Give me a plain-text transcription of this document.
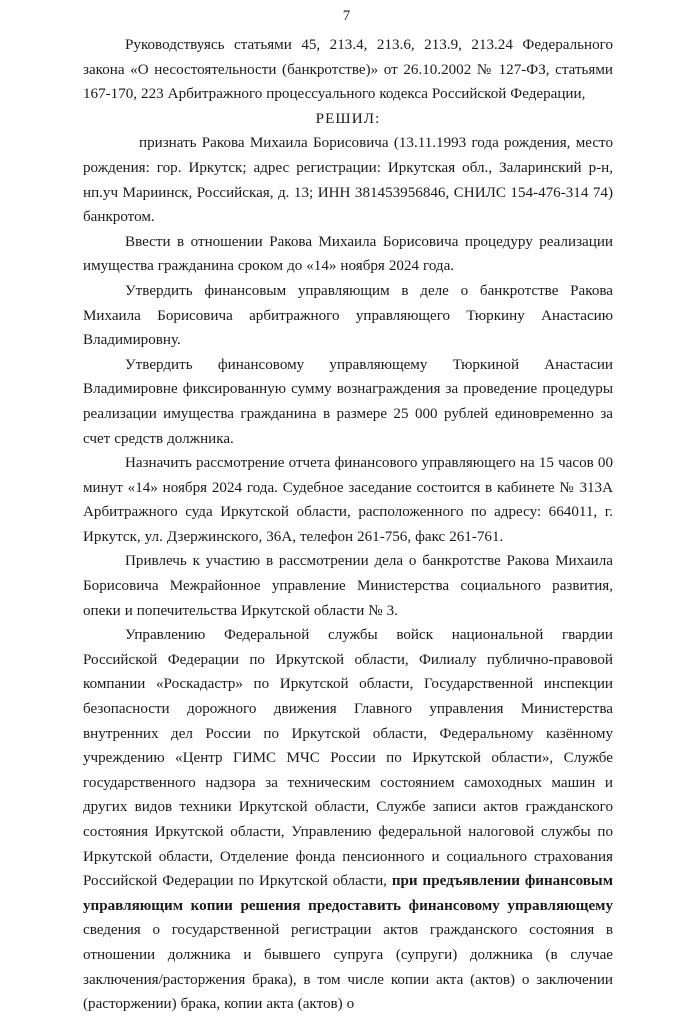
7

Руководствуясь статьями 45, 213.4, 213.6, 213.9, 213.24 Федерального закона «О несостоятельности (банкротстве)» от 26.10.2002 № 127-ФЗ, статьями 167-170, 223 Арбитражного процессуального кодекса Российской Федерации,

РЕШИЛ:

признать Ракова Михаила Борисовича (13.11.1993 года рождения, место рождения: гор. Иркутск; адрес регистрации: Иркутская обл., Заларинский р-н, нп.уч Мариинск, Российская, д. 13; ИНН 381453956846, СНИЛС 154-476-314 74) банкротом.

Ввести в отношении Ракова Михаила Борисовича процедуру реализации имущества гражданина сроком до «14» ноября 2024 года.

Утвердить финансовым управляющим в деле о банкротстве Ракова Михаила Борисовича арбитражного управляющего Тюркину Анастасию Владимировну.

Утвердить финансовому управляющему Тюркиной Анастасии Владимировне фиксированную сумму вознаграждения за проведение процедуры реализации имущества гражданина в размере 25 000 рублей единовременно за счет средств должника.

Назначить рассмотрение отчета финансового управляющего на 15 часов 00 минут «14» ноября 2024 года. Судебное заседание состоится в кабинете № 313А Арбитражного суда Иркутской области, расположенного по адресу: 664011, г. Иркутск, ул. Дзержинского, 36А, телефон 261-756, факс 261-761.

Привлечь к участию в рассмотрении дела о банкротстве Ракова Михаила Борисовича Межрайонное управление Министерства социального развития, опеки и попечительства Иркутской области № 3.

Управлению Федеральной службы войск национальной гвардии Российской Федерации по Иркутской области, Филиалу публично-правовой компании «Роскадастр» по Иркутской области, Государственной инспекции безопасности дорожного движения Главного управления Министерства внутренних дел России по Иркутской области, Федеральному казённому учреждению «Центр ГИМС МЧС России по Иркутской области», Службе государственного надзора за техническим состоянием самоходных машин и других видов техники Иркутской области, Службе записи актов гражданского состояния Иркутской области, Управлению федеральной налоговой службы по Иркутской области, Отделение фонда пенсионного и социального страхования Российской Федерации по Иркутской области, при предъявлении финансовым управляющим копии решения предоставить финансовому управляющему сведения о государственной регистрации актов гражданского состояния в отношении должника и бывшего супруга (супруги) должника (в случае заключения/расторжения брака), в том числе копии акта (актов) о заключении (расторжении) брака, копии акта (актов) о
